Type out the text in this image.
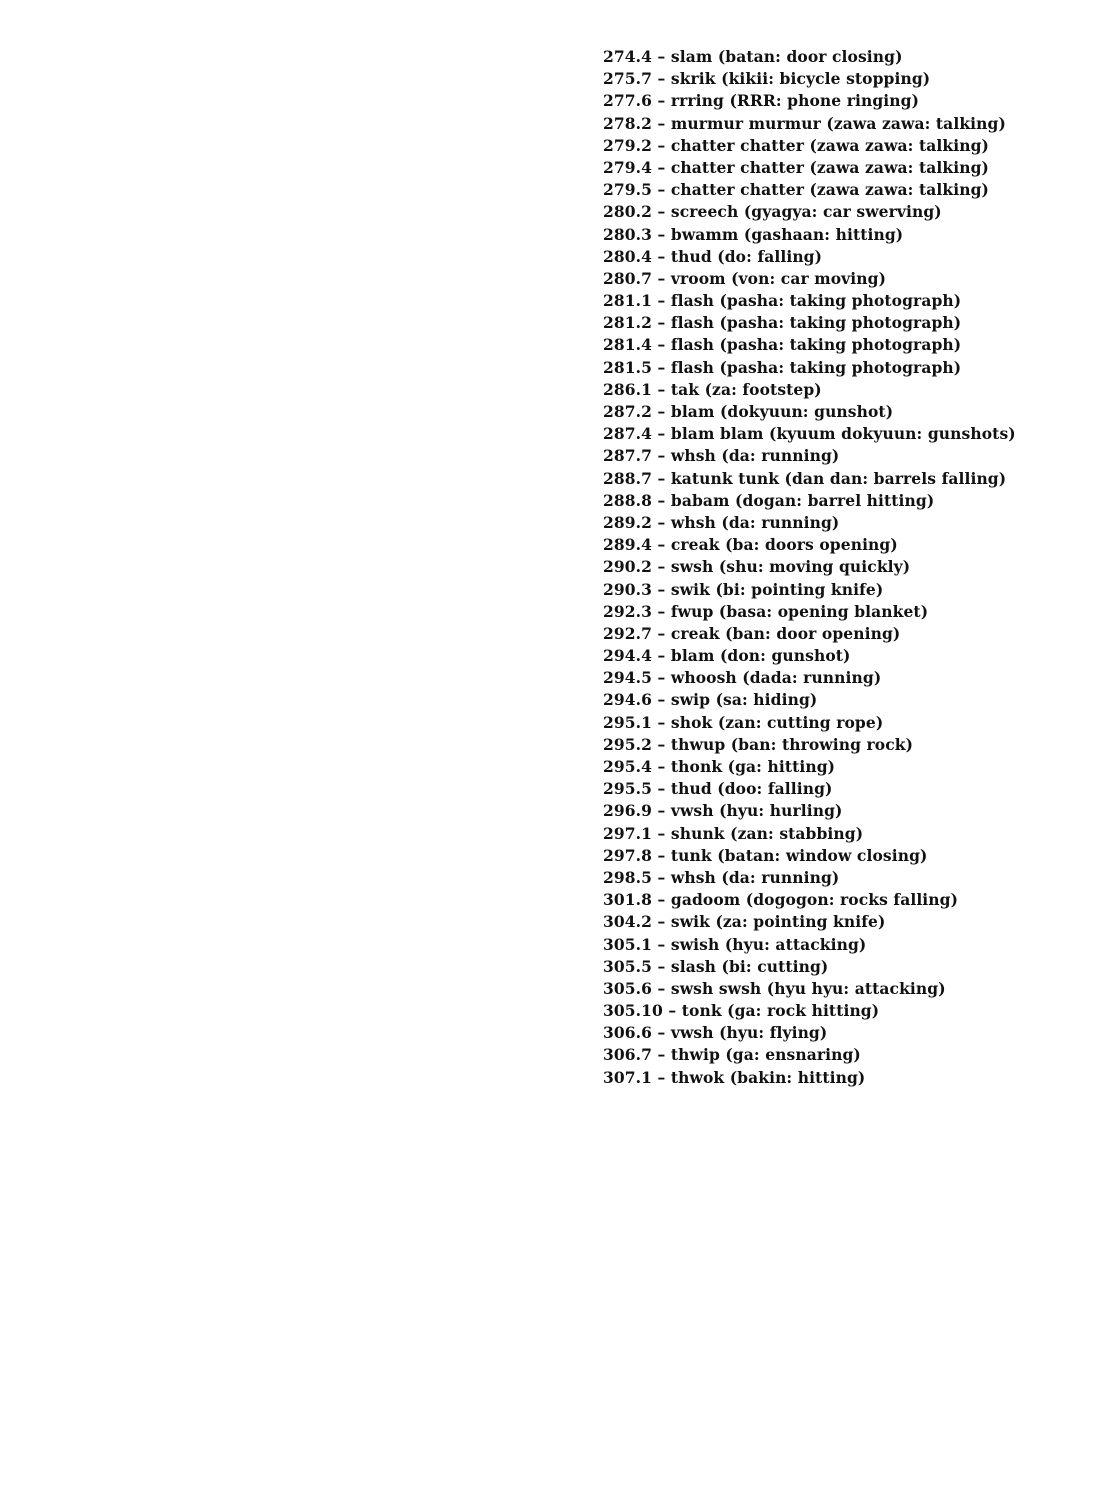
274.4 – slam (batan: door closing)
275.7 – skrik (kikii: bicycle stopping)
277.6 – rrring (RRR: phone ringing)
278.2 – murmur murmur (zawa zawa: talking)
279.2 – chatter chatter (zawa zawa: talking)
279.4 – chatter chatter (zawa zawa: talking)
279.5 – chatter chatter (zawa zawa: talking)
280.2 – screech (gyagya: car swerving)
280.3 – bwamm (gashaan: hitting)
280.4 – thud (do: falling)
280.7 – vroom (von: car moving)
281.1 – flash (pasha: taking photograph)
281.2 – flash (pasha: taking photograph)
281.4 – flash (pasha: taking photograph)
281.5 – flash (pasha: taking photograph)
286.1 – tak (za: footstep)
287.2 – blam (dokyuun: gunshot)
287.4 – blam blam (kyuum dokyuun: gunshots)
287.7 – whsh (da: running)
288.7 – katunk tunk (dan dan: barrels falling)
288.8 – babam (dogan: barrel hitting)
289.2 – whsh (da: running)
289.4 – creak (ba: doors opening)
290.2 – swsh (shu: moving quickly)
290.3 – swik (bi: pointing knife)
292.3 – fwup (basa: opening blanket)
292.7 – creak (ban: door opening)
294.4 – blam (don: gunshot)
294.5 – whoosh (dada: running)
294.6 – swip (sa: hiding)
295.1 – shok (zan: cutting rope)
295.2 – thwup (ban: throwing rock)
295.4 – thonk (ga: hitting)
295.5 – thud (doo: falling)
296.9 – vwsh (hyu: hurling)
297.1 – shunk (zan: stabbing)
297.8 – tunk (batan: window closing)
298.5 – whsh (da: running)
301.8 – gadoom (dogogon: rocks falling)
304.2 – swik (za: pointing knife)
305.1 – swish (hyu: attacking)
305.5 – slash (bi: cutting)
305.6 – swsh swsh (hyu hyu: attacking)
305.10 – tonk (ga: rock hitting)
306.6 – vwsh (hyu: flying)
306.7 – thwip (ga: ensnaring)
307.1 – thwok (bakin: hitting)
